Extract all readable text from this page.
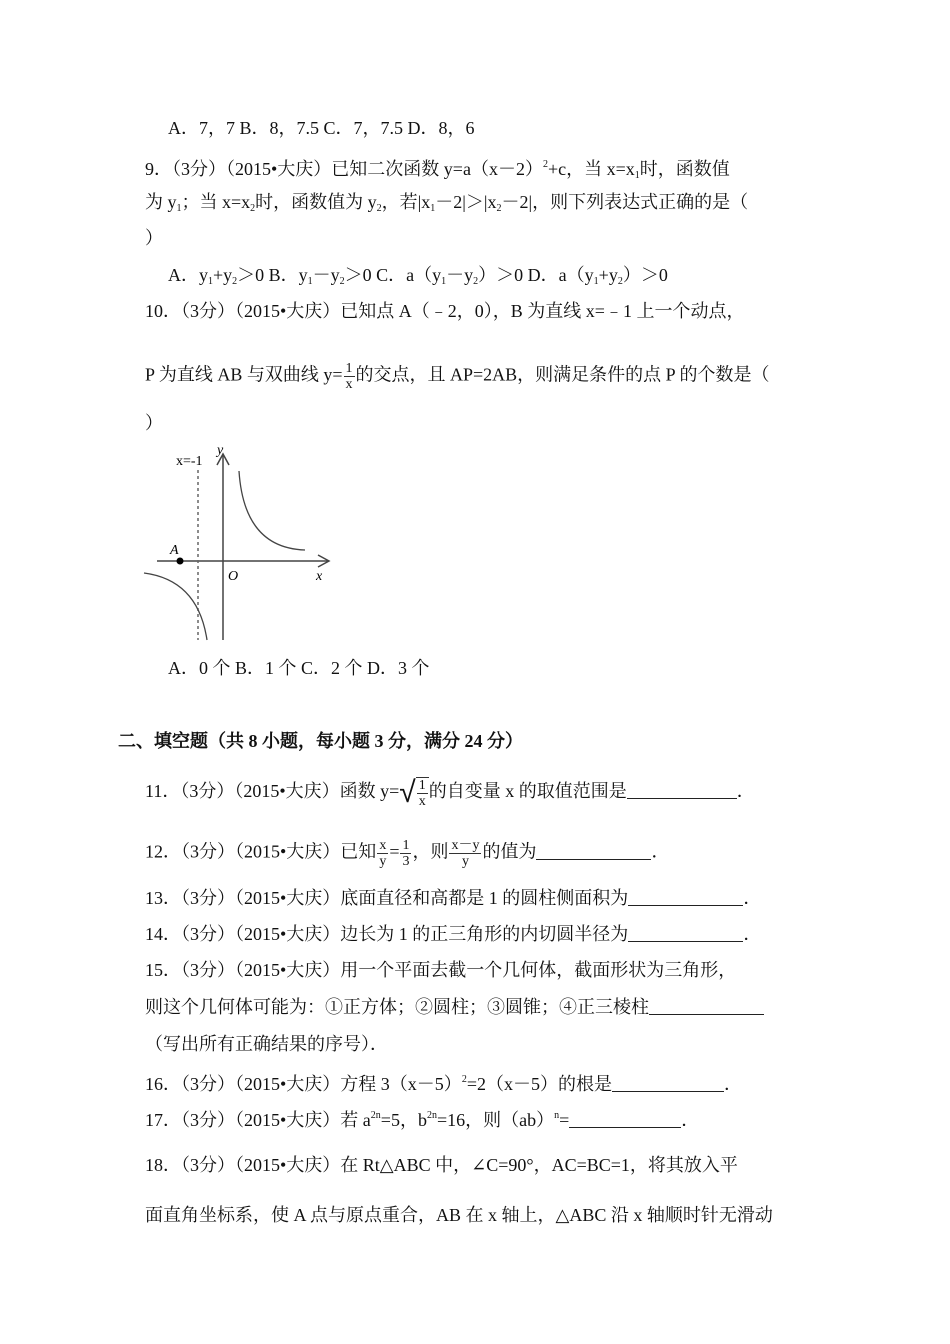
A．7，7 B．8，7.5 C．7，7.5 D．8，6
9．（3分）（2015•大庆）已知二次函数 $y=a(x-2)^2+c$，当 $x=x_1$时，函数值
为 $y_1$；当 $x=x_2$时，函数值为 $y_2$，若$|x_1-2|>|x_2-2|$，则下列表达式正确的是（
）
A．$y_1+y_2>0$ B．$y_1-y_2>0$ C．$a(y_1-y_2)>0$ D．$a(y_1+y_2)>0$
10．（3分）（2015•大庆）已知点 A（﹣2，0），B 为直线 x=﹣1 上一个动点，
P 为直线 AB 与双曲线 $y= \frac{1}{x}$ 的交点，且 AP=2AB，则满足条件的点 P 的个数是（
）
A．0 个 B．1 个 C．2 个 D．3 个
二、填空题（共 8 小题，每小题 3 分，满分 24 分）
11．（3分）（2015•大庆）函数 $y=√ \frac{1}{x}$ 的自变量 x 的取值范围是	．
12．（3分）（2015•大庆）已知 $\frac{x}{y} = \frac{1}{3}$ ，则 $\frac{x-y}{y}$ 的值为	．
13．（3分）（2015•大庆）底面直径和高都是 1 的圆柱侧面积为	．
14．（3分）（2015•大庆）边长为 1 的正三角形的内切圆半径为	．
15．（3分）（2015•大庆）用一个平面去截一个几何体，截面形状为三角形，
则这个几何体可能为：①正方体；②圆柱；③圆锥；④正三棱柱
（写出所有正确结果的序号）．
16．（3分）（2015•大庆）方程 $3(x-5)^2=2(x-5)$的根是	．
17．（3分）（2015•大庆）若 $a^{2n}=5$，$b^{2n}=16$，则（ab）$^n$=	．
18．（3分）（2015•大庆）在 Rt△ABC 中，∠C=90°，AC=BC=1，将其放入平
面直角坐标系，使 A 点与原点重合，AB 在 x 轴上，△ABC 沿 x 轴顺时针无滑动
x=-1
y
A
O	x
